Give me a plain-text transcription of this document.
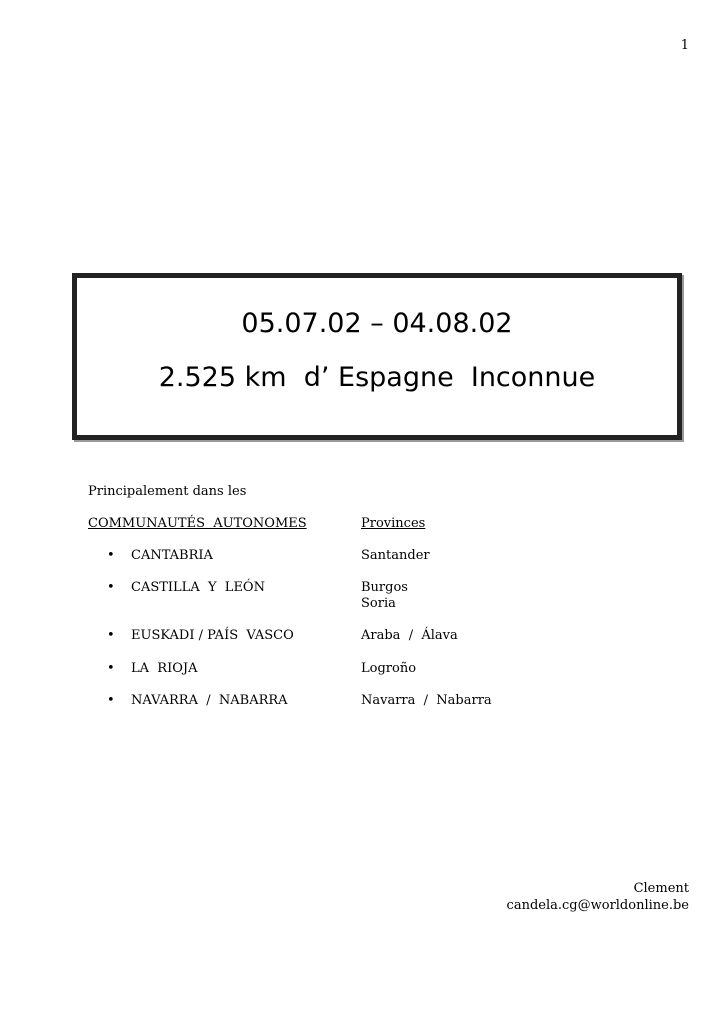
1
05.07.02 – 04.08.02
2.525 km  d’ Espagne  Inconnue
Principalement dans les
COMMUNAUTÉS  AUTONOMES	Provinces
• CANTABRIA	Santander
• CASTILLA  Y  LEÓN	Burgos
Soria
• EUSKADI / PAÍS  VASCO	Araba  /  Álava
• LA  RIOJA	Logroño
• NAVARRA  /  NABARRA	Navarra  /  Nabarra
Clement
candela.cg@worldonline.be
